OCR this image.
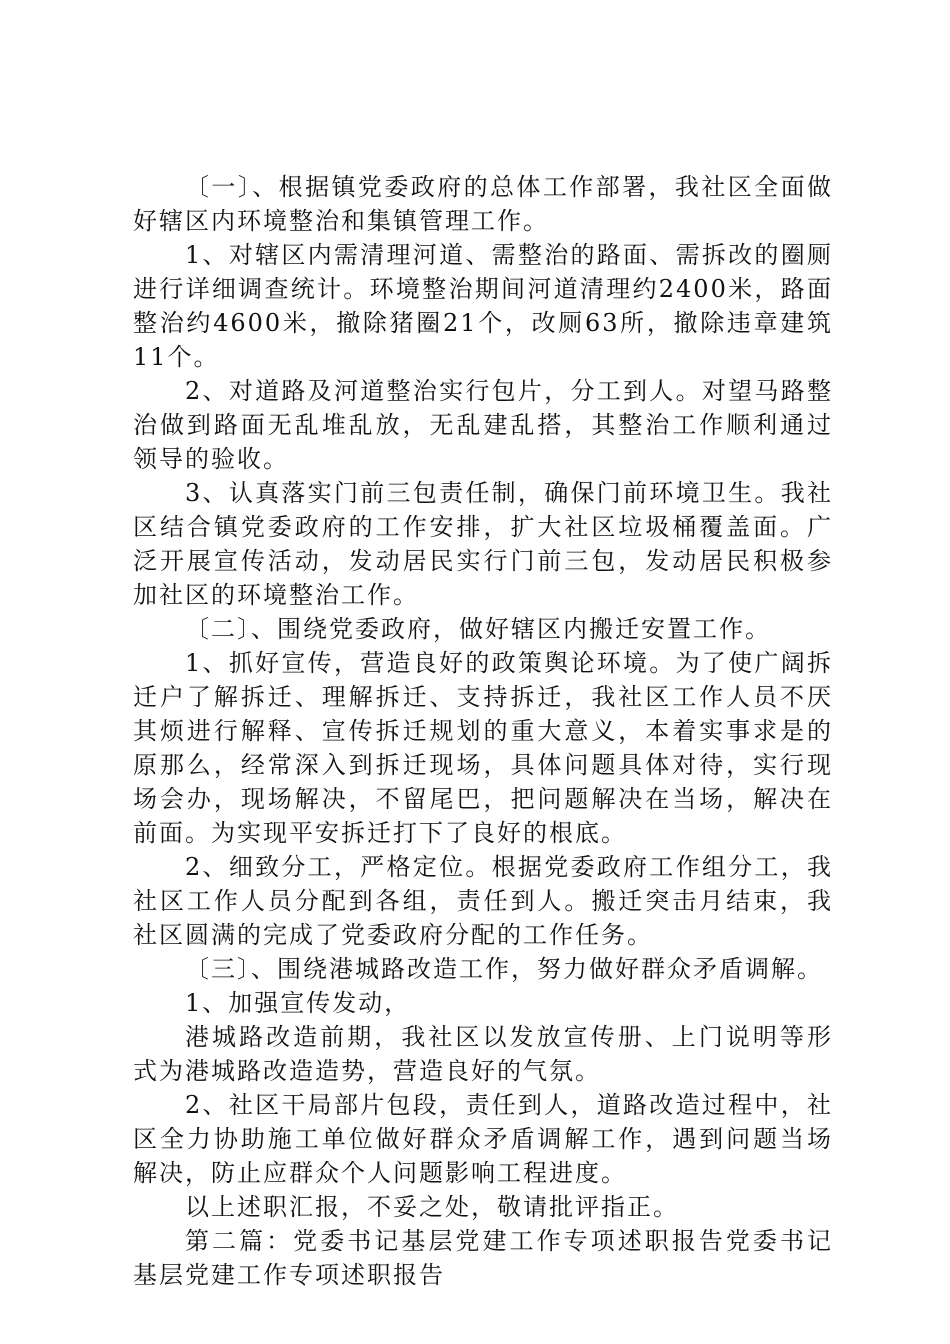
〔一〕、根据镇党委政府的总体工作部署，我社区全面做好辖区内环境整治和集镇管理工作。

1、对辖区内需清理河道、需整治的路面、需拆改的圈厕进行详细调查统计。环境整治期间河道清理约2400米，路面整治约4600米，撤除猪圈21个，改厕63所，撤除违章建筑11个。

2、对道路及河道整治实行包片，分工到人。对望马路整治做到路面无乱堆乱放，无乱建乱搭，其整治工作顺利通过领导的验收。

3、认真落实门前三包责任制，确保门前环境卫生。我社区结合镇党委政府的工作安排，扩大社区垃圾桶覆盖面。广泛开展宣传活动，发动居民实行门前三包，发动居民积极参加社区的环境整治工作。

〔二〕、围绕党委政府，做好辖区内搬迁安置工作。

1、抓好宣传，营造良好的政策舆论环境。为了使广阔拆迁户了解拆迁、理解拆迁、支持拆迁，我社区工作人员不厌其烦进行解释、宣传拆迁规划的重大意义，本着实事求是的原那么，经常深入到拆迁现场，具体问题具体对待，实行现场会办，现场解决，不留尾巴，把问题解决在当场，解决在前面。为实现平安拆迁打下了良好的根底。

2、细致分工，严格定位。根据党委政府工作组分工，我社区工作人员分配到各组，责任到人。搬迁突击月结束，我社区圆满的完成了党委政府分配的工作任务。

〔三〕、围绕港城路改造工作，努力做好群众矛盾调解。

1、加强宣传发动，

港城路改造前期，我社区以发放宣传册、上门说明等形式为港城路改造造势，营造良好的气氛。

2、社区干局部片包段，责任到人，道路改造过程中，社区全力协助施工单位做好群众矛盾调解工作，遇到问题当场解决，防止应群众个人问题影响工程进度。

以上述职汇报，不妥之处，敬请批评指正。

第二篇：党委书记基层党建工作专项述职报告党委书记基层党建工作专项述职报告
